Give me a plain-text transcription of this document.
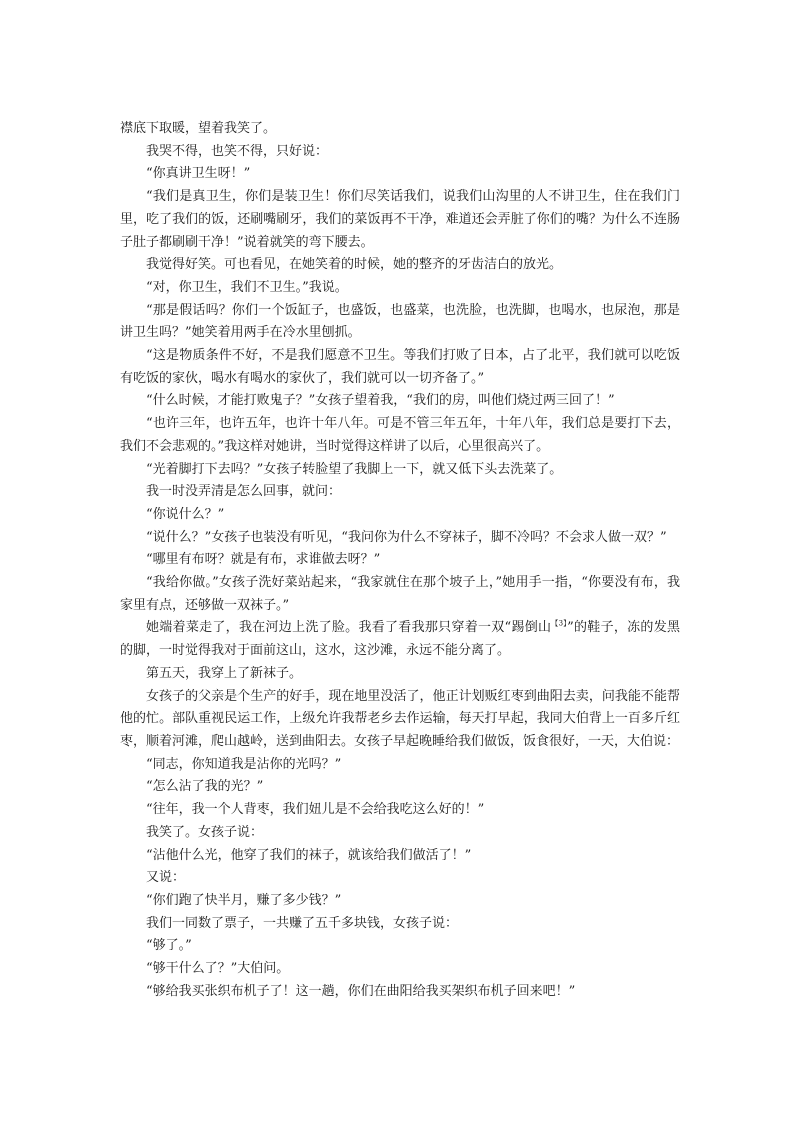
襟底下取暖，望着我笑了。

我哭不得，也笑不得，只好说：

“你真讲卫生呀！”

“我们是真卫生，你们是装卫生！你们尽笑话我们，说我们山沟里的人不讲卫生，住在我们门里，吃了我们的饭，还刷嘴刷牙，我们的菜饭再不干净，难道还会弄脏了你们的嘴？为什么不连肠子肚子都刷刷干净！”说着就笑的弯下腰去。

我觉得好笑。可也看见，在她笑着的时候，她的整齐的牙齿洁白的放光。

“对，你卫生，我们不卫生。”我说。

“那是假话吗？你们一个饭缸子，也盛饭，也盛菜，也洗脸，也洗脚，也喝水，也尿泡，那是讲卫生吗？”她笑着用两手在冷水里刨抓。

“这是物质条件不好，不是我们愿意不卫生。等我们打败了日本，占了北平，我们就可以吃饭有吃饭的家伙，喝水有喝水的家伙了，我们就可以一切齐备了。”

“什么时候，才能打败鬼子？”女孩子望着我，“我们的房，叫他们烧过两三回了！”

“也许三年，也许五年，也许十年八年。可是不管三年五年，十年八年，我们总是要打下去，我们不会悲观的。”我这样对她讲，当时觉得这样讲了以后，心里很高兴了。

“光着脚打下去吗？”女孩子转脸望了我脚上一下，就又低下头去洗菜了。

我一时没弄清是怎么回事，就问：

“你说什么？”

“说什么？”女孩子也装没有听见，“我问你为什么不穿袜子，脚不冷吗？不会求人做一双？”

“哪里有布呀？就是有布，求谁做去呀？”

“我给你做。”女孩子洗好菜站起来，“我家就住在那个坡子上，”她用手一指，“你要没有布，我家里有点，还够做一双袜子。”

她端着菜走了，我在河边上洗了脸。我看了看我那只穿着一双“踢倒山$^{【3】}$”的鞋子，冻的发黑的脚，一时觉得我对于面前这山，这水，这沙滩，永远不能分离了。

第五天，我穿上了新袜子。

女孩子的父亲是个生产的好手，现在地里没活了，他正计划贩红枣到曲阳去卖，问我能不能帮他的忙。部队重视民运工作，上级允许我帮老乡去作运输，每天打早起，我同大伯背上一百多斤红枣，顺着河滩，爬山越岭，送到曲阳去。女孩子早起晚睡给我们做饭，饭食很好，一天，大伯说：

“同志，你知道我是沾你的光吗？”

“怎么沾了我的光？”

“往年，我一个人背枣，我们妞儿是不会给我吃这么好的！”

我笑了。女孩子说：

“沾他什么光，他穿了我们的袜子，就该给我们做活了！”

又说：

“你们跑了快半月，赚了多少钱？”

我们一同数了票子，一共赚了五千多块钱，女孩子说：

“够了。”

“够干什么了？”大伯问。

“够给我买张织布机子了！这一趟，你们在曲阳给我买架织布机子回来吧！”
